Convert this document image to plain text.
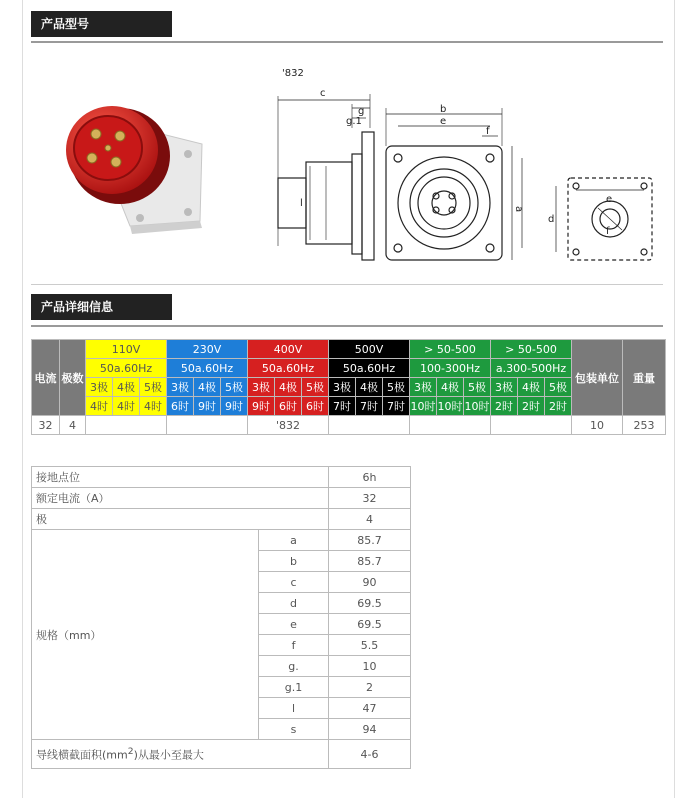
产品型号
'832
c
g
g.1
b
e
f
a
l
d
e
f
产品详细信息
电流	极数	110V			230V			400V			500V			> 50-500			> 50-500			包装单位	重量
		50a.60Hz			50a.60Hz			50a.60Hz			50a.60Hz			100-300Hz			a.300-500Hz				
		3极	4极	5极	3极	4极	5极	3极	4极	5极	3极	4极	5极	3极	4极	5极	3极	4极	5极		
		4时	4时	4时	6时	9时	9时	9时	6时	6时	7时	7时	7时	10时	10时	10时	2时	2时	2时		
32	4							'832												10	253
接地点位		6h
额定电流（A）		32
极		4
规格（mm）	a	85.7
	b	85.7
	c	90
	d	69.5
	e	69.5
	f	5.5
	g.	10
	g.1	2
	l	47
	s	94
导线横截面积$(mm^2)$从最小至最大		4-6
